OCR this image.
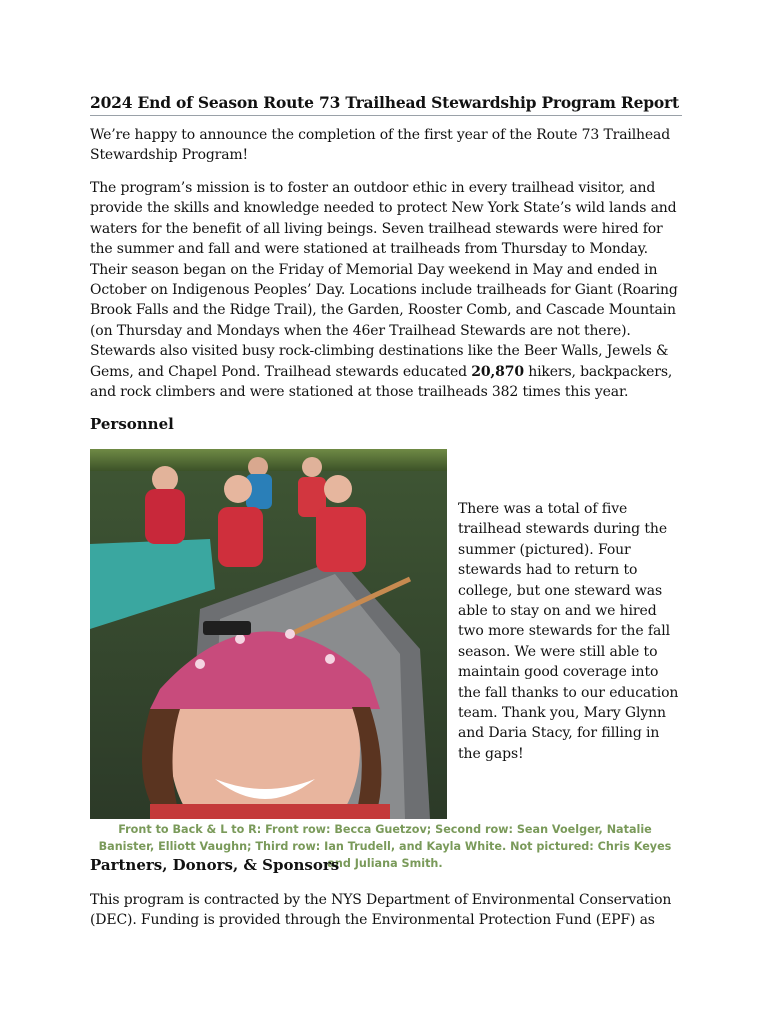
2024 End of Season Route 73 Trailhead Stewardship Program Report

We’re happy to announce the completion of the first year of the Route 73 Trailhead Stewardship Program!

The program’s mission is to foster an outdoor ethic in every trailhead visitor, and provide the skills and knowledge needed to protect New York State’s wild lands and waters for the benefit of all living beings. Seven trailhead stewards were hired for the summer and fall and were stationed at trailheads from Thursday to Monday. Their season began on the Friday of Memorial Day weekend in May and ended in October on Indigenous Peoples’ Day. Locations include trailheads for Giant (Roaring Brook Falls and the Ridge Trail), the Garden, Rooster Comb, and Cascade Mountain (on Thursday and Mondays when the 46er Trailhead Stewards are not there). Stewards also visited busy rock-climbing destinations like the Beer Walls, Jewels & Gems, and Chapel Pond. Trailhead stewards educated 20,870 hikers, backpackers, and rock climbers and were stationed at those trailheads 382 times this year.

Personnel

There was a total of five trailhead stewards during the summer (pictured). Four stewards had to return to college, but one steward was able to stay on and we hired two more stewards for the fall season. We were still able to maintain good coverage into the fall thanks to our education team. Thank you, Mary Glynn and Daria Stacy, for filling in the gaps!

Front to Back & L to R: Front row: Becca Guetzov; Second row: Sean Voelger, Natalie Banister, Elliott Vaughn; Third row: Ian Trudell, and Kayla White. Not pictured: Chris Keyes and Juliana Smith.

Partners, Donors, & Sponsors

This program is contracted by the NYS Department of Environmental Conservation (DEC). Funding is provided through the Environmental Protection Fund (EPF) as
